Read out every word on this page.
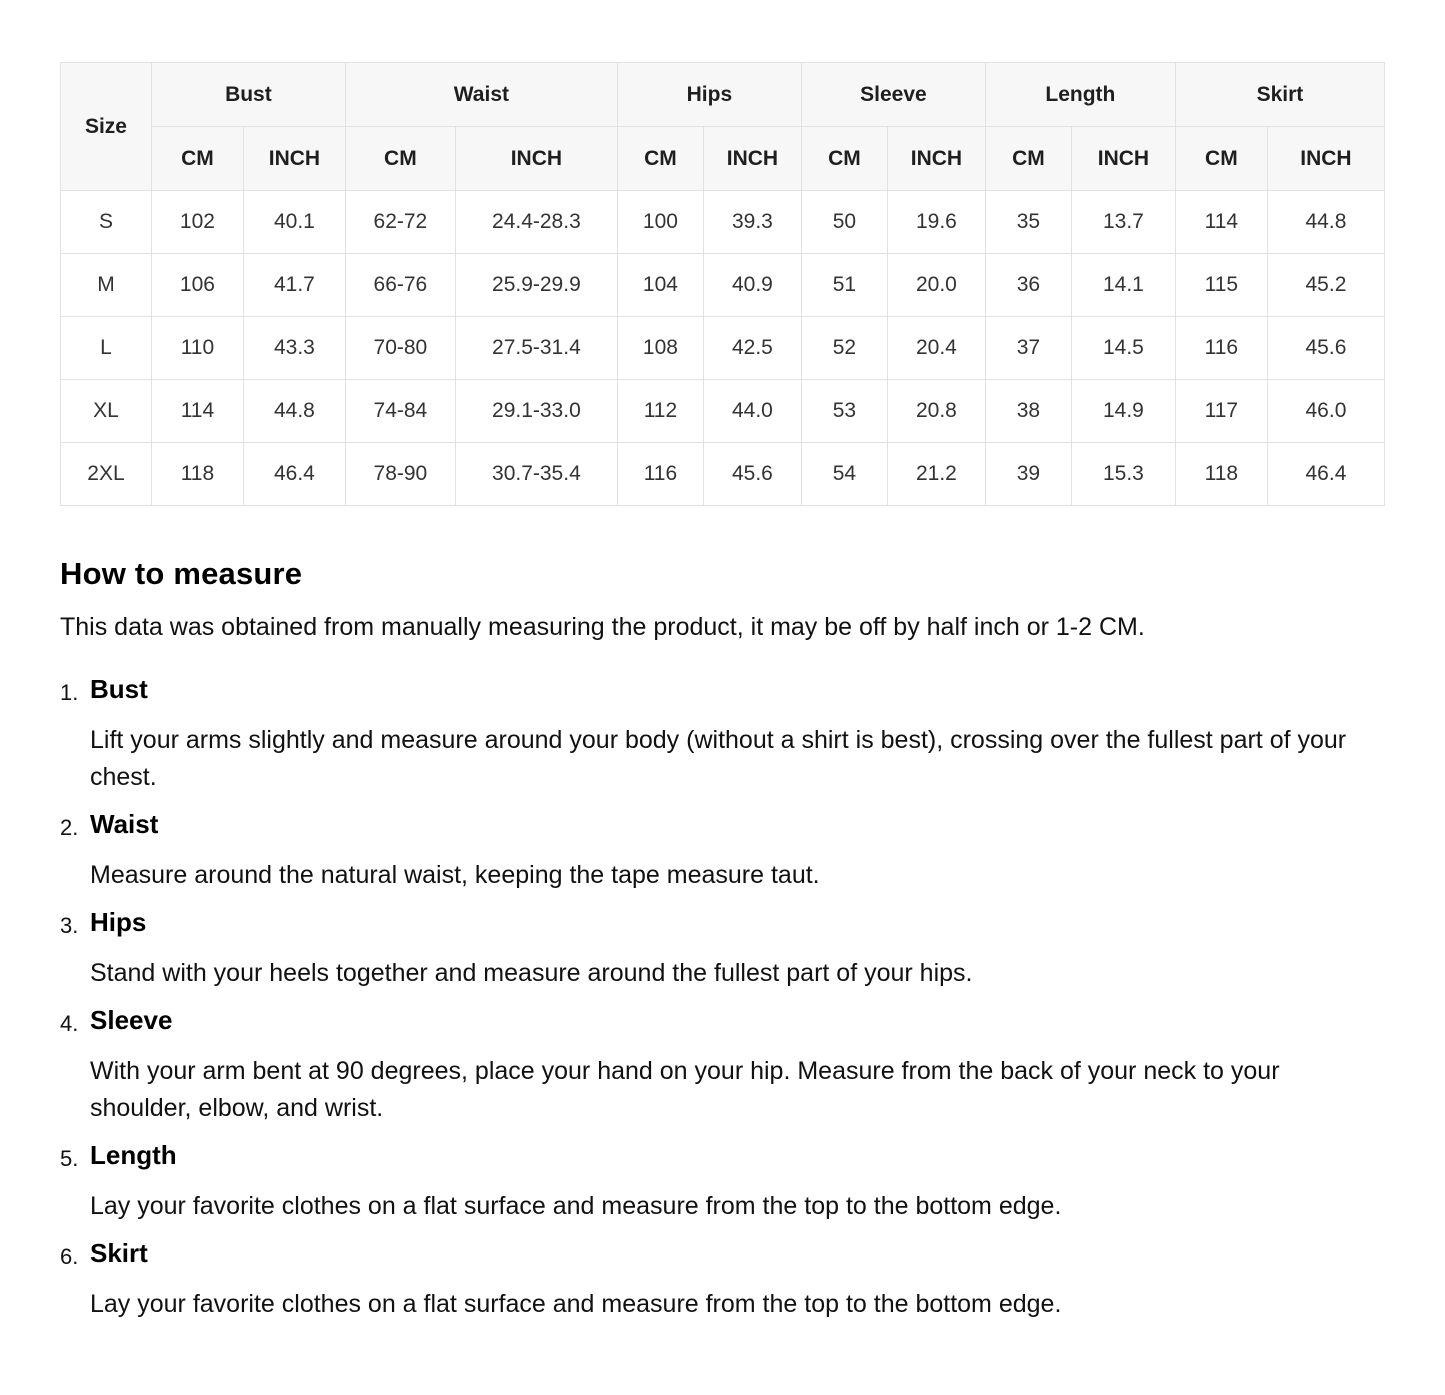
Size	Bust		Waist		Hips		Sleeve		Length		Skirt	
	CM	INCH	CM	INCH	CM	INCH	CM	INCH	CM	INCH	CM	INCH
S	102	40.1	62-72	24.4-28.3	100	39.3	50	19.6	35	13.7	114	44.8
M	106	41.7	66-76	25.9-29.9	104	40.9	51	20.0	36	14.1	115	45.2
L	110	43.3	70-80	27.5-31.4	108	42.5	52	20.4	37	14.5	116	45.6
XL	114	44.8	74-84	29.1-33.0	112	44.0	53	20.8	38	14.9	117	46.0
2XL	118	46.4	78-90	30.7-35.4	116	45.6	54	21.2	39	15.3	118	46.4
How to measure

This data was obtained from manually measuring the product, it may be off by half inch or 1-2 CM.

1. Bust

Lift your arms slightly and measure around your body (without a shirt is best), crossing over the fullest part of your chest.

2. Waist

Measure around the natural waist, keeping the tape measure taut.

3. Hips

Stand with your heels together and measure around the fullest part of your hips.

4. Sleeve

With your arm bent at 90 degrees, place your hand on your hip. Measure from the back of your neck to your shoulder, elbow, and wrist.

5. Length

Lay your favorite clothes on a flat surface and measure from the top to the bottom edge.

6. Skirt

Lay your favorite clothes on a flat surface and measure from the top to the bottom edge.
